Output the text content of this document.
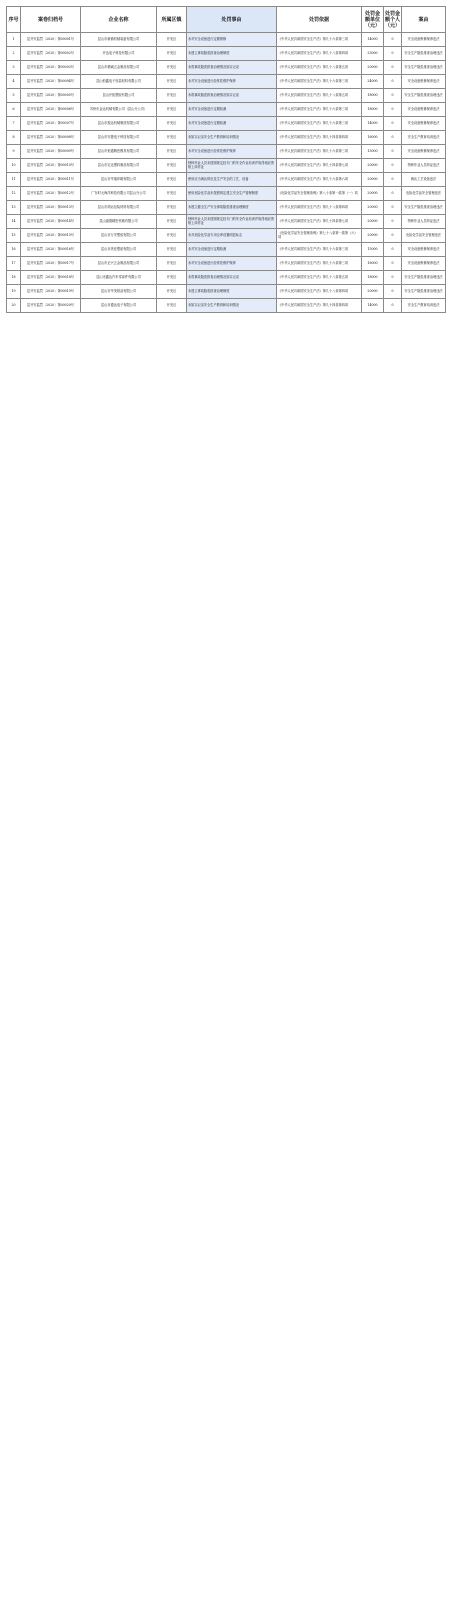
序号	案卷归档号	企业名称	所属区镇	处罚事由	处罚依据	处罚金额单位（元）	处罚金额个人（元）	案由
1	昆开安监罚〔2020〕第00001号	昆山市新镇机械装备有限公司	开发区	未对安全设备进行定期维修	《中华人民共和国安全生产法》第九十六条第三项	14000	0	安全设备维修保养违法
2	昆开安监罚〔2020〕第00002号	开达电子科技有限公司	开发区	未建立事故隐患排查治理制度	《中华人民共和国安全生产法》第九十八条第四项	25000	0	安全生产隐患排查治理违法
3	昆开安监罚〔2020〕第00003号	昆山市精诚五金制品有限公司	开发区	未将事故隐患排查治理情况如实记录	《中华人民共和国安全生产法》第九十八条第五项	20000	0	安全生产隐患排查治理违法
4	昆开安监罚〔2020〕第00004号	昆山恒鑫电子包装材料有限公司	开发区	未对安全设备进行经常性维护保养	《中华人民共和国安全生产法》第九十六条第三项	24000	0	安全设备维修保养违法
5	昆开安监罚〔2020〕第00005号	昆山开拓塑胶有限公司	开发区	未将事故隐患排查治理情况如实记录	《中华人民共和国安全生产法》第九十八条第五项	18000	0	安全生产隐患排查治理违法
6	昆开安监罚〔2020〕第00006号	苏州市金达机械有限公司（昆山分公司）	开发区	未对安全设备进行定期检测	《中华人民共和国安全生产法》第九十六条第三项	18000	0	安全设备维修保养违法
7	昆开安监罚〔2020〕第00007号	昆山市振达机械制造有限公司	开发区	未对安全设备进行定期检测	《中华人民共和国安全生产法》第九十六条第三项	14000	0	安全设备维修保养违法
8	昆开安监罚〔2020〕第00008号	昆山市安捷电子科技有限公司	开发区	未如实记录安全生产教育和培训情况	《中华人民共和国安全生产法》第九十四条第四项	16000	0	安全生产教育培训违法
9	昆开安监罚〔2020〕第00009号	昆山市恒通精密模具有限公司	开发区	未对安全设备进行经常性维护保养	《中华人民共和国安全生产法》第九十六条第三项	15000	0	安全设备维修保养违法
10	昆开安监罚〔2020〕第00010号	昆山市宏达塑料制品有限公司	开发区	特种作业人员未按照规定经专门的安全作业培训并取得相应资格上岗作业	《中华人民共和国安全生产法》第九十四条第七项	20000	0	特种作业人员持证违法
11	昆开安监罚〔2020〕第00011号	昆山市华瑞印刷有限公司	开发区	使用应当淘汰的危及生产安全的工艺、设备	《中华人民共和国安全生产法》第九十六条第六项	20000	0	淘汰工艺设备违法
12	昆开安监罚〔2020〕第00012号	广东时元海洋科技有限公司昆山分公司	开发区	使用危险化学品未按照规定建立安全生产管理制度	《危险化学品安全管理条例》第八十条第一款第（一）项	20000	0	危险化学品安全管理违法
13	昆开安监罚〔2020〕第00013号	昆山市鸿运包装材料有限公司	开发区	未建立健全生产安全事故隐患排查治理制度	《中华人民共和国安全生产法》第九十八条第四项	20000	0	安全生产隐患排查治理违法
14	昆开安监罚〔2020〕第00014号	昆山嘉德精密机械有限公司	开发区	特种作业人员未按照规定经专门的安全作业培训并取得相应资格上岗作业	《中华人民共和国安全生产法》第九十四条第七项	20000	0	特种作业人员持证违法
15	昆开安监罚〔2020〕第00015号	昆山市万安塑胶有限公司	开发区	未对危险化学品专用仓库设置明显标志	《危险化学品安全管理条例》第七十八条第一款第（六）项	20000	0	危险化学品安全管理违法
16	昆开安监罚〔2020〕第00016号	昆山市美佳塑胶有限公司	开发区	未对安全设备进行定期检测	《中华人民共和国安全生产法》第九十六条第三项	15000	0	安全设备维修保养违法
17	昆开安监罚〔2020〕第00017号	昆山市正兴五金制品有限公司	开发区	未对安全设备进行经常性维护保养	《中华人民共和国安全生产法》第九十六条第三项	16000	0	安全设备维修保养违法
18	昆开安监罚〔2020〕第00018号	昆山市鑫达汽车零部件有限公司	开发区	未将事故隐患排查治理情况如实记录	《中华人民共和国安全生产法》第九十八条第五项	18000	0	安全生产隐患排查治理违法
19	昆开安监罚〔2020〕第00019号	昆山市华美纸品有限公司	开发区	未建立事故隐患排查治理制度	《中华人民共和国安全生产法》第九十八条第四项	20000	0	安全生产隐患排查治理违法
20	昆开安监罚〔2020〕第00020号	昆山市通达电子有限公司	开发区	未如实记录安全生产教育和培训情况	《中华人民共和国安全生产法》第九十四条第四项	14000	0	安全生产教育培训违法
